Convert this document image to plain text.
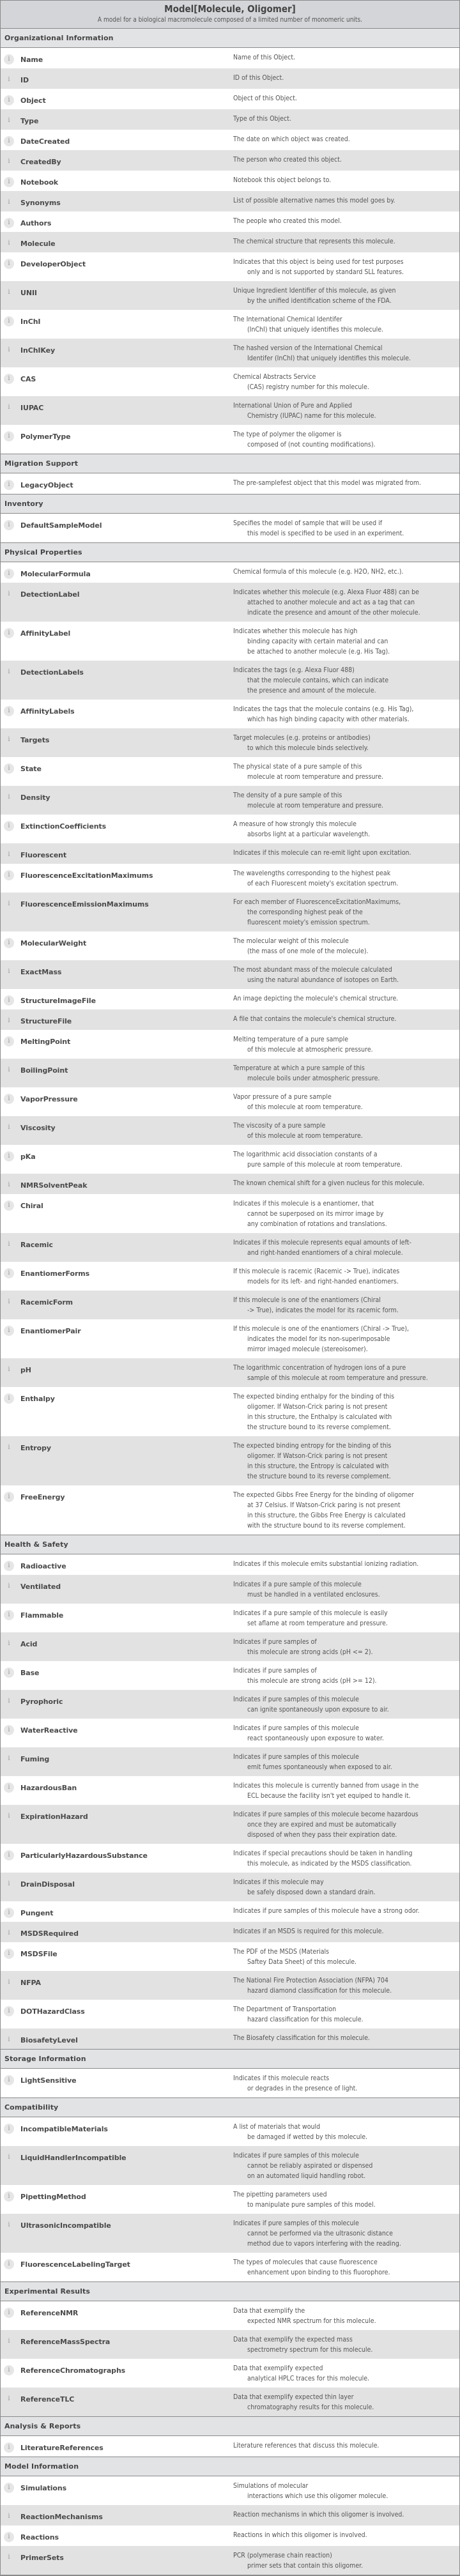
Model[Molecule, Oligomer]
A model for a biological macromolecule composed of a limited number of monomeric units.
Organizational Information
i	Name	Name of this Object.
i	ID	ID of this Object.
i	Object	Object of this Object.
i	Type	Type of this Object.
i	DateCreated	The date on which object was created.
i	CreatedBy	The person who created this object.
i	Notebook	Notebook this object belongs to.
i	Synonyms	List of possible alternative names this model goes by.
i	Authors	The people who created this model.
i	Molecule	The chemical structure that represents this molecule.
i	DeveloperObject	Indicates that this object is being used for test purposes
only and is not supported by standard SLL features.
i	UNII	Unique Ingredient Identifier of this molecule, as given
by the unified identification scheme of the FDA.
i	InChI	The International Chemical Identifer
(InChI) that uniquely identifies this molecule.
i	InChIKey	The hashed version of the International Chemical
Identifer (InChI) that uniquely identifies this molecule.
i	CAS	Chemical Abstracts Service
(CAS) registry number for this molecule.
i	IUPAC	International Union of Pure and Applied
Chemistry (IUPAC) name for this molecule.
i	PolymerType	The type of polymer the oligomer is
composed of (not counting modifications).
Migration Support
i	LegacyObject	The pre-samplefest object that this model was migrated from.
Inventory
i	DefaultSampleModel	Specifies the model of sample that will be used if
this model is specified to be used in an experiment.
Physical Properties
i	MolecularFormula	Chemical formula of this molecule (e.g. H2O, NH2, etc.).
i	DetectionLabel	Indicates whether this molecule (e.g. Alexa Fluor 488) can be
attached to another molecule and act as a tag that can
indicate the presence and amount of the other molecule.
i	AffinityLabel	Indicates whether this molecule has high
binding capacity with certain material and can
be attached to another molecule (e.g. His Tag).
i	DetectionLabels	Indicates the tags (e.g. Alexa Fluor 488)
that the molecule contains, which can indicate
the presence and amount of the molecule.
i	AffinityLabels	Indicates the tags that the molecule contains (e.g. His Tag),
which has high binding capacity with other materials.
i	Targets	Target molecules (e.g. proteins or antibodies)
to which this molecule binds selectively.
i	State	The physical state of a pure sample of this
molecule at room temperature and pressure.
i	Density	The density of a pure sample of this
molecule at room temperature and pressure.
i	ExtinctionCoefficients	A measure of how strongly this molecule
absorbs light at a particular wavelength.
i	Fluorescent	Indicates if this molecule can re-emit light upon excitation.
i	FluorescenceExcitationMaximums	The wavelengths corresponding to the highest peak
of each Fluorescent moiety's excitation spectrum.
i	FluorescenceEmissionMaximums	For each member of FluorescenceExcitationMaximums,
the corresponding highest peak of the
fluorescent moiety's emission spectrum.
i	MolecularWeight	The molecular weight of this molecule
(the mass of one mole of the molecule).
i	ExactMass	The most abundant mass of the molecule calculated
using the natural abundance of isotopes on Earth.
i	StructureImageFile	An image depicting the molecule's chemical structure.
i	StructureFile	A file that contains the molecule's chemical structure.
i	MeltingPoint	Melting temperature of a pure sample
of this molecule at atmospheric pressure.
i	BoilingPoint	Temperature at which a pure sample of this
molecule boils under atmospheric pressure.
i	VaporPressure	Vapor pressure of a pure sample
of this molecule at room temperature.
i	Viscosity	The viscosity of a pure sample
of this molecule at room temperature.
i	pKa	The logarithmic acid dissociation constants of a
pure sample of this molecule at room temperature.
i	NMRSolventPeak	The known chemical shift for a given nucleus for this molecule.
i	Chiral	Indicates if this molecule is a enantiomer, that
cannot be superposed on its mirror image by
any combination of rotations and translations.
i	Racemic	Indicates if this molecule represents equal amounts of left-
and right-handed enantiomers of a chiral molecule.
i	EnantiomerForms	If this molecule is racemic (Racemic -> True), indicates
models for its left- and right-handed enantiomers.
i	RacemicForm	If this molecule is one of the enantiomers (Chiral
-> True), indicates the model for its racemic form.
i	EnantiomerPair	If this molecule is one of the enantiomers (Chiral -> True),
indicates the model for its non-superimposable
mirror imaged molecule (stereoisomer).
i	pH	The logarithmic concentration of hydrogen ions of a pure
sample of this molecule at room temperature and pressure.
i	Enthalpy	The expected binding enthalpy for the binding of this
oligomer. If Watson-Crick paring is not present
in this structure, the Enthalpy is calculated with
the structure bound to its reverse complement.
i	Entropy	The expected binding entropy for the binding of this
oligomer. If Watson-Crick paring is not present
in this structure, the Entropy is calculated with
the structure bound to its reverse complement.
i	FreeEnergy	The expected Gibbs Free Energy for the binding of oligomer
at 37 Celsius. If Watson-Crick paring is not present
in this structure, the Gibbs Free Energy is calculated
with the structure bound to its reverse complement.
Health & Safety
i	Radioactive	Indicates if this molecule emits substantial ionizing radiation.
i	Ventilated	Indicates if a pure sample of this molecule
must be handled in a ventilated enclosures.
i	Flammable	Indicates if a pure sample of this molecule is easily
set aflame at room temperature and pressure.
i	Acid	Indicates if pure samples of
this molecule are strong acids (pH <= 2).
i	Base	Indicates if pure samples of
this molecule are strong acids (pH >= 12).
i	Pyrophoric	Indicates if pure samples of this molecule
can ignite spontaneously upon exposure to air.
i	WaterReactive	Indicates if pure samples of this molecule
react spontaneously upon exposure to water.
i	Fuming	Indicates if pure samples of this molecule
emit fumes spontaneously when exposed to air.
i	HazardousBan	Indicates this molecule is currently banned from usage in the
ECL because the facility isn't yet equiped to handle it.
i	ExpirationHazard	Indicates if pure samples of this molecule become hazardous
once they are expired and must be automatically
disposed of when they pass their expiration date.
i	ParticularlyHazardousSubstance	Indicates if special precautions should be taken in handling
this molecule, as indicated by the MSDS classification.
i	DrainDisposal	Indicates if this molecule may
be safely disposed down a standard drain.
i	Pungent	Indicates if pure samples of this molecule have a strong odor.
i	MSDSRequired	Indicates if an MSDS is required for this molecule.
i	MSDSFile	The PDF of the MSDS (Materials
Saftey Data Sheet) of this molecule.
i	NFPA	The National Fire Protection Association (NFPA) 704
hazard diamond classification for this molecule.
i	DOTHazardClass	The Department of Transportation
hazard classification for this molecule.
i	BiosafetyLevel	The Biosafety classification for this molecule.
Storage Information
i	LightSensitive	Indicates if this molecule reacts
or degrades in the presence of light.
Compatibility
i	IncompatibleMaterials	A list of materials that would
be damaged if wetted by this molecule.
i	LiquidHandlerIncompatible	Indicates if pure samples of this molecule
cannot be reliably aspirated or dispensed
on an automated liquid handling robot.
i	PipettingMethod	The pipetting parameters used
to manipulate pure samples of this model.
i	UltrasonicIncompatible	Indicates if pure samples of this molecule
cannot be performed via the ultrasonic distance
method due to vapors interfering with the reading.
i	FluorescenceLabelingTarget	The types of molecules that cause fluorescence
enhancement upon binding to this fluorophore.
Experimental Results
i	ReferenceNMR	Data that exemplify the
expected NMR spectrum for this molecule.
i	ReferenceMassSpectra	Data that exemplify the expected mass
spectrometry spectrum for this molecule.
i	ReferenceChromatographs	Data that exemplify expected
analytical HPLC traces for this molecule.
i	ReferenceTLC	Data that exemplify expected thin layer
chromatography results for this molecule.
Analysis & Reports
i	LiteratureReferences	Literature references that discuss this molecule.
Model Information
i	Simulations	Simulations of molecular
interactions which use this oligomer molecule.
i	ReactionMechanisms	Reaction mechanisms in which this oligomer is involved.
i	Reactions	Reactions in which this oligomer is involved.
i	PrimerSets	PCR (polymerase chain reaction)
primer sets that contain this oligomer.
